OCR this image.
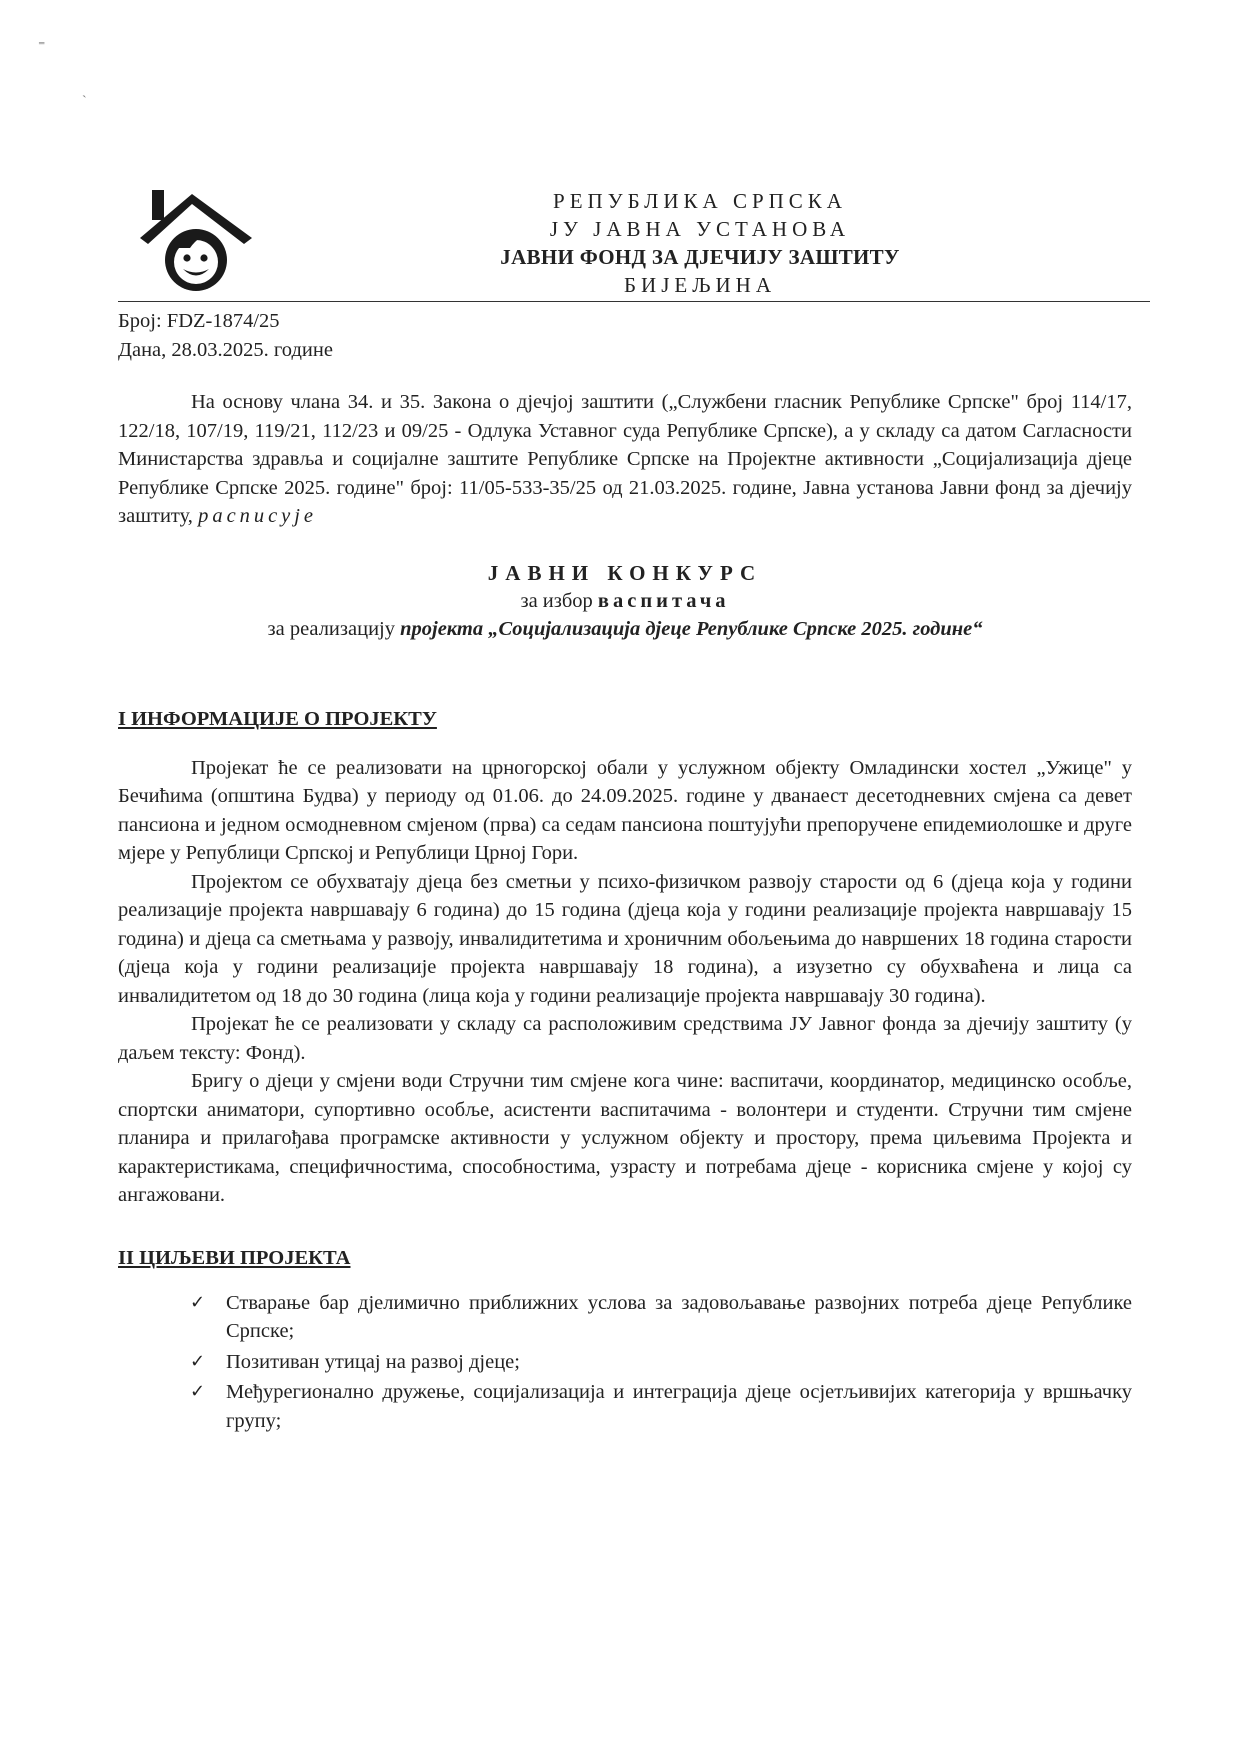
⁼
˴
РЕПУБЛИКА СРПСКА
ЈУ ЈАВНА УСТАНОВА
ЈАВНИ ФОНД ЗА ДЈЕЧИЈУ ЗАШТИТУ
БИЈЕЉИНА
Број: FDZ-1874/25
Дана, 28.03.2025. године

На основу члана 34. и 35. Закона о дјечјој заштити („Службени гласник Републике Српске" број 114/17, 122/18, 107/19, 119/21, 112/23 и 09/25 - Одлука Уставног суда Републике Српске), а у складу са датом Сагласности Министарства здравља и социјалне заштите Републике Српске на Пројектне активности „Социјализација дјеце Републике Српске 2025. године" број: 11/05-533-35/25 од 21.03.2025. године, Јавна установа Јавни фонд за дјечију заштиту, расписује

ЈАВНИ КОНКУРС
за избор васпитача
за реализацију пројекта „Социјализација дјеце Републике Српске 2025. године“

I ИНФОРМАЦИЈЕ О ПРОЈЕКТУ

Пројекат ће се реализовати на црногорској обали у услужном објекту Омладински хостел „Ужице" у Бечићима (општина Будва) у периоду од 01.06. до 24.09.2025. године у дванаест десетодневних смјена са девет пансиона и једном осмодневном смјеном (прва) са седам пансиона поштујући препоручене епидемиолошке и друге мјере у Републици Српској и Републици Црној Гори.

Пројектом се обухватају дјеца без сметњи у психо-физичком развоју старости од 6 (дјеца која у години реализације пројекта навршавају 6 година) до 15 година (дјеца која у години реализације пројекта навршавају 15 година) и дјеца са сметњама у развоју, инвалидитетима и хроничним обољењима до навршених 18 година старости (дјеца која у години реализације пројекта навршавају 18 година), а изузетно су обухваћена и лица са инвалидитетом од 18 до 30 година (лица која у години реализације пројекта навршавају 30 година).

Пројекат ће се реализовати у складу са расположивим средствима ЈУ Јавног фонда за дјечију заштиту (у даљем тексту: Фонд).

Бригу о дјеци у смјени води Стручни тим смјене кога чине: васпитачи, координатор, медицинско особље, спортски аниматори, супортивно особље, асистенти васпитачима - волонтери и студенти. Стручни тим смјене планира и прилагођава програмске активности у услужном објекту и простору, према циљевима Пројекта и карактеристикама, специфичностима, способностима, узрасту и потребама дјеце - корисника смјене у којој су ангажовани.

II ЦИЉЕВИ ПРОЈЕКТА

✓	Стварање бар дјелимично приближних услова за задовољавање развојних потреба дјеце Републике Српске;
✓	Позитиван утицај на развој дјеце;
✓	Међурегионално дружење, социјализација и интеграција дјеце осјетљивијих категорија у вршњачку групу;
